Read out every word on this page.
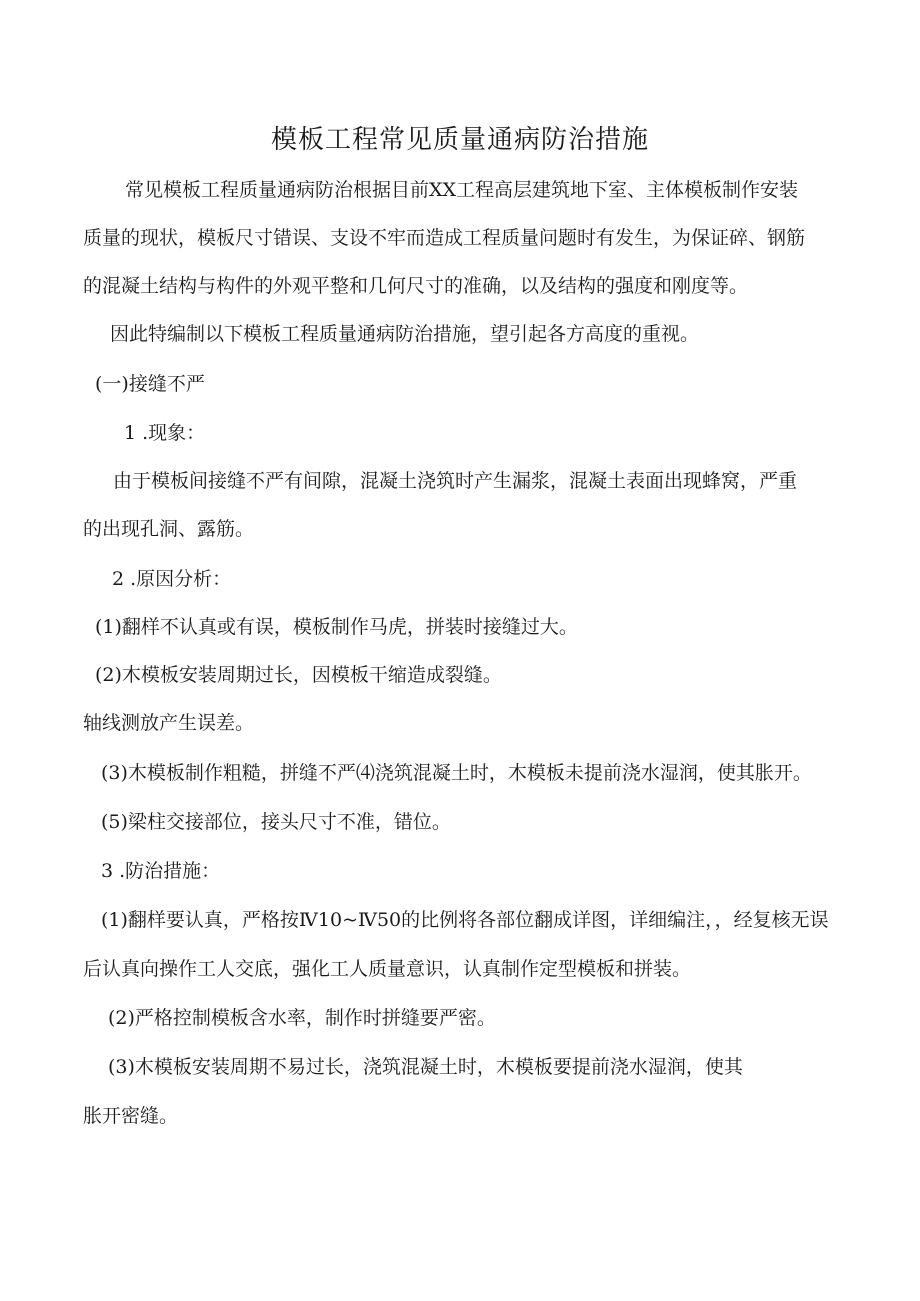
模板工程常见质量通病防治措施
常见模板工程质量通病防治根据目前XX工程高层建筑地下室、主体模板制作安装
质量的现状，模板尺寸错误、支设不牢而造成工程质量问题时有发生，为保证碎、钢筋
的混凝土结构与构件的外观平整和几何尺寸的准确，以及结构的强度和刚度等。
因此特编制以下模板工程质量通病防治措施，望引起各方高度的重视。
(一)接缝不严
1 .现象：
由于模板间接缝不严有间隙，混凝土浇筑时产生漏浆，混凝土表面出现蜂窝，严重
的出现孔洞、露筋。
2 .原因分析：
(1)翻样不认真或有误，模板制作马虎，拼装时接缝过大。
(2)木模板安装周期过长，因模板干缩造成裂缝。
轴线测放产生误差。
(3)木模板制作粗糙，拼缝不严⑷浇筑混凝土时，木模板未提前浇水湿润，使其胀开。
(5)梁柱交接部位，接头尺寸不准，错位。
3 .防治措施：
(1)翻样要认真，严格按Ⅳ10~Ⅳ50的比例将各部位翻成详图，详细编注，，经复核无误
后认真向操作工人交底，强化工人质量意识，认真制作定型模板和拼装。
(2)严格控制模板含水率，制作时拼缝要严密。
(3)木模板安装周期不易过长，浇筑混凝土时，木模板要提前浇水湿润，使其
胀开密缝。
